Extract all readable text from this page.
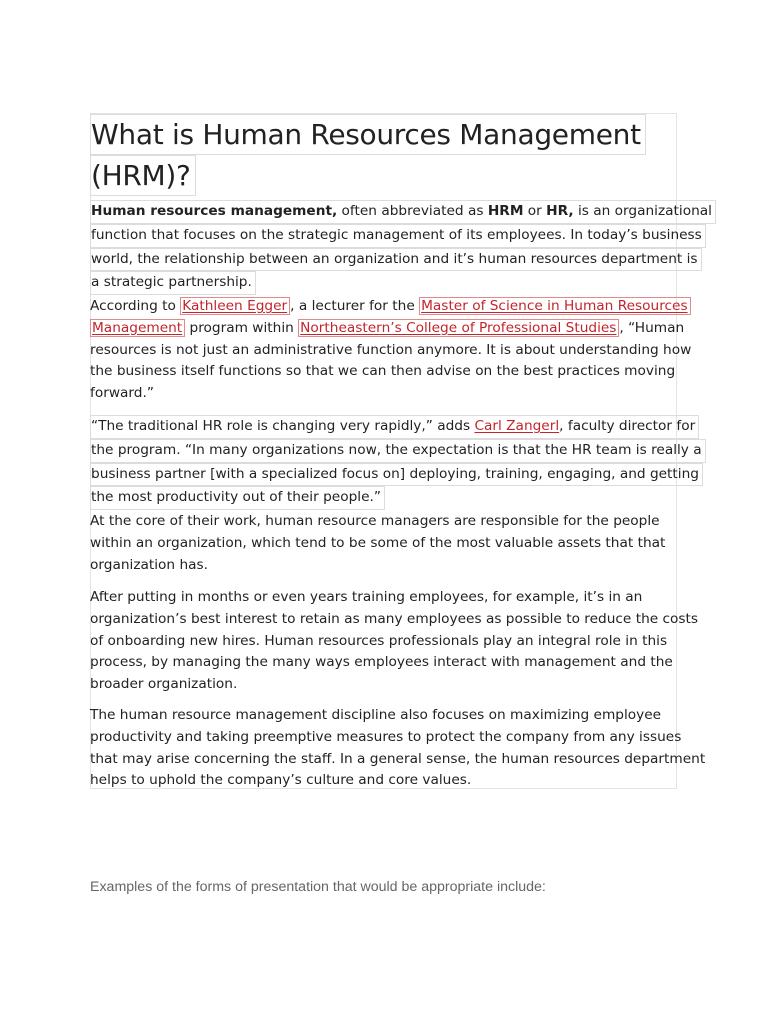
What is Human Resources Management
(HRM)?

Human resources management, often abbreviated as HRM or HR, is an organizational
function that focuses on the strategic management of its employees. In today’s business
world, the relationship between an organization and it’s human resources department is
a strategic partnership.

According to Kathleen Egger , a lecturer for the Master of Science in Human Resources
Management program within Northeastern’s College of Professional Studies , “Human
resources is not just an administrative function anymore. It is about understanding how
the business itself functions so that we can then advise on the best practices moving
forward.”

“The traditional HR role is changing very rapidly,” adds Carl Zangerl, faculty director for
the program. “In many organizations now, the expectation is that the HR team is really a
business partner [with a specialized focus on] deploying, training, engaging, and getting
the most productivity out of their people.”

At the core of their work, human resource managers are responsible for the people
within an organization, which tend to be some of the most valuable assets that that
organization has.

After putting in months or even years training employees, for example, it’s in an
organization’s best interest to retain as many employees as possible to reduce the costs
of onboarding new hires. Human resources professionals play an integral role in this
process, by managing the many ways employees interact with management and the
broader organization.

The human resource management discipline also focuses on maximizing employee
productivity and taking preemptive measures to protect the company from any issues
that may arise concerning the staff. In a general sense, the human resources department
helps to uphold the company’s culture and core values.

Examples of the forms of presentation that would be appropriate include:
